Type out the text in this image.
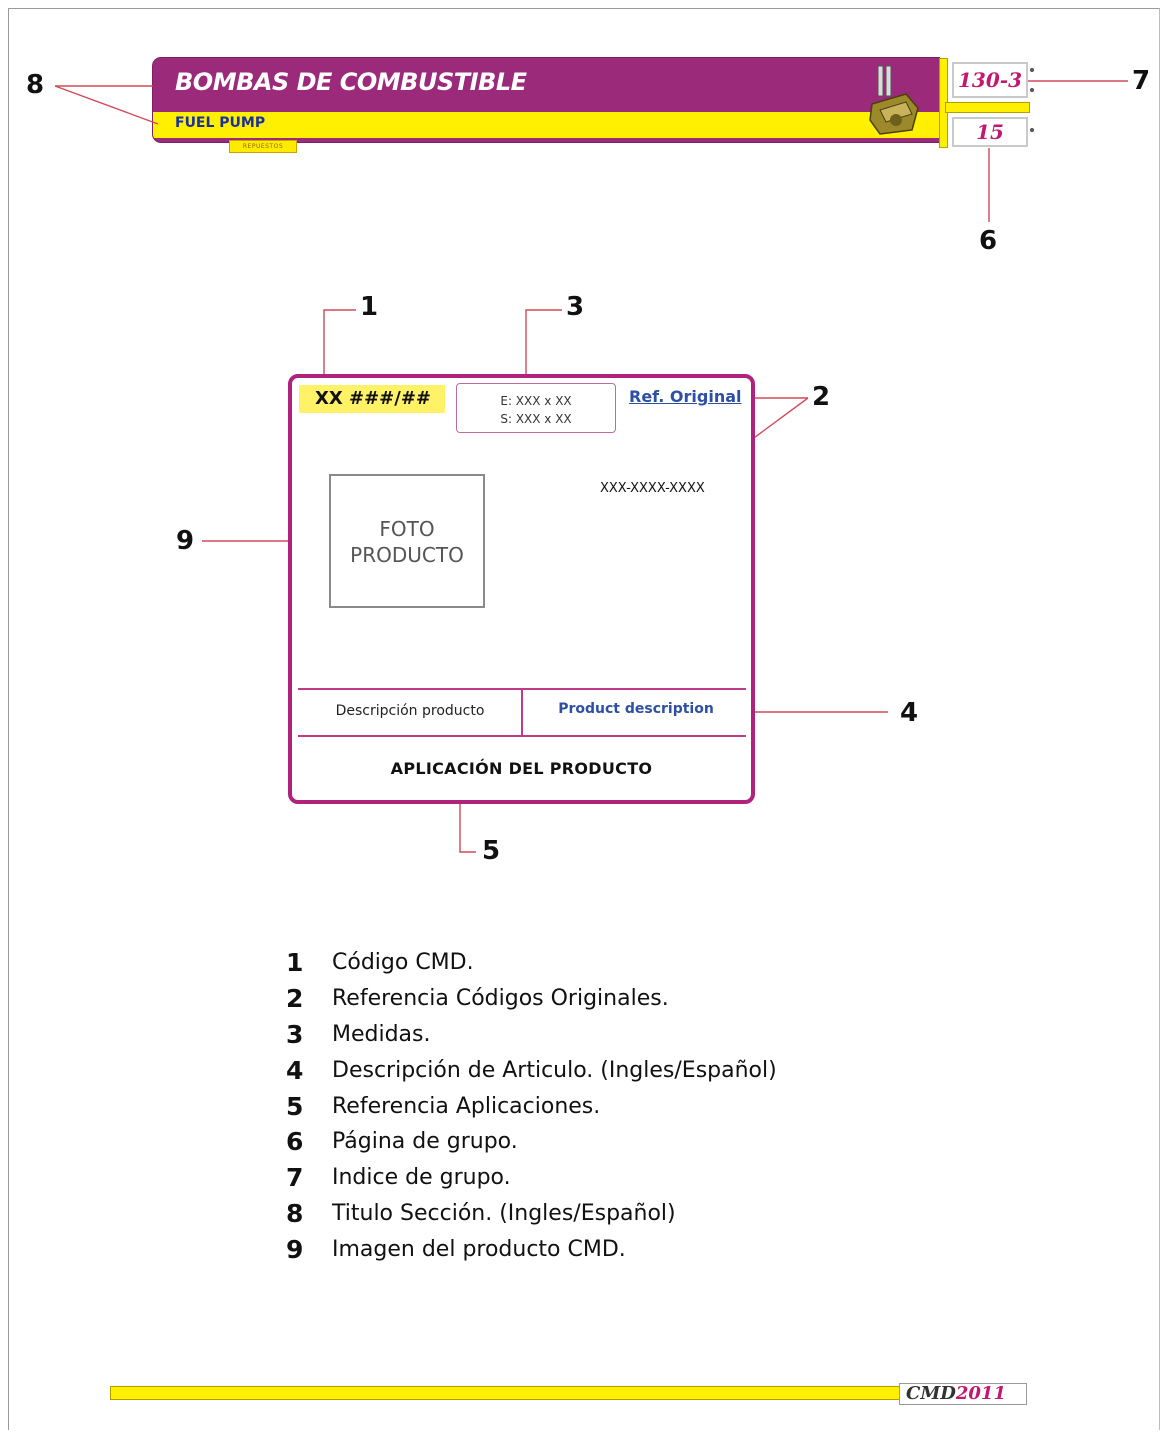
BOMBAS DE COMBUSTIBLE
FUEL PUMP
REPUESTOS
130-3
15
8	7
6
1	3
2
9
4
5
XX ###/##	E: XXX x XX
S: XXX x XX
Ref. Original
XXX-XXXX-XXXX
FOTO
PRODUCTO
Descripción producto	Product description
APLICACIÓN DEL PRODUCTO
1	Código CMD.
2	Referencia Códigos Originales.
3	Medidas.
4	Descripción de Articulo. (Ingles/Español)
5	Referencia Aplicaciones.
6	Página de grupo.
7	Indice de grupo.
8	Titulo Sección. (Ingles/Español)
9	Imagen del producto CMD.
CMD2011
